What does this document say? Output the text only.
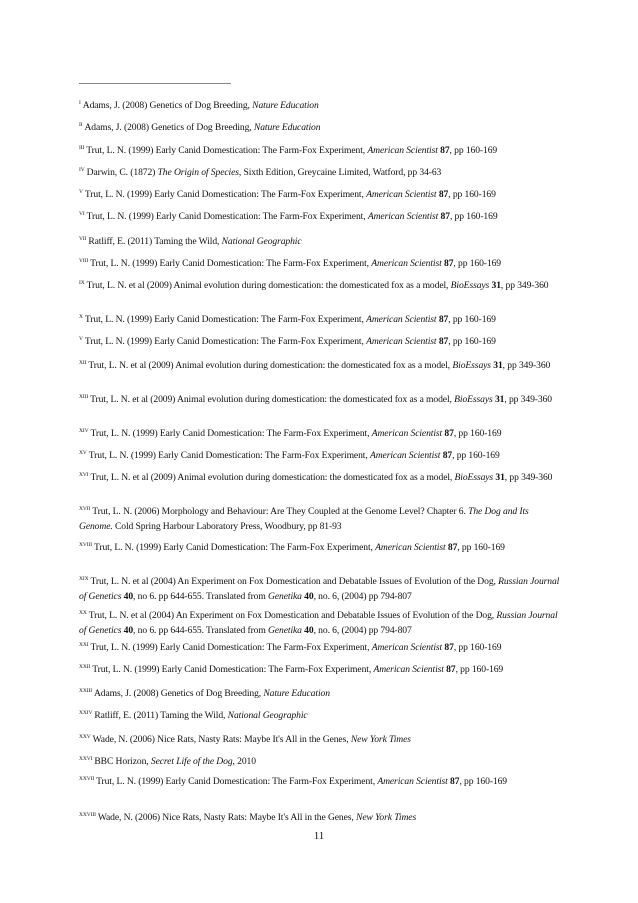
$^I$ Adams, J. (2008) Genetics of Dog Breeding, Nature Education
$^{II}$ Adams, J. (2008) Genetics of Dog Breeding, Nature Education
$^{III}$ Trut, L. N. (1999) Early Canid Domestication: The Farm-Fox Experiment, American Scientist 87, pp 160-169
$^{IV}$ Darwin, C. (1872) The Origin of Species, Sixth Edition, Greycaine Limited, Watford, pp 34-63
$^V$ Trut, L. N. (1999) Early Canid Domestication: The Farm-Fox Experiment, American Scientist 87, pp 160-169
$^{VI}$ Trut, L. N. (1999) Early Canid Domestication: The Farm-Fox Experiment, American Scientist 87, pp 160-169
$^{VII}$ Ratliff, E. (2011) Taming the Wild, National Geographic
$^{VIII}$ Trut, L. N. (1999) Early Canid Domestication: The Farm-Fox Experiment, American Scientist 87, pp 160-169
$^{IX}$ Trut, L. N. et al (2009) Animal evolution during domestication: the domesticated fox as a model, BioEssays 31, pp 349-360
$^X$ Trut, L. N. (1999) Early Canid Domestication: The Farm-Fox Experiment, American Scientist 87, pp 160-169
$^V$ Trut, L. N. (1999) Early Canid Domestication: The Farm-Fox Experiment, American Scientist 87, pp 160-169
$^{XII}$ Trut, L. N. et al (2009) Animal evolution during domestication: the domesticated fox as a model, BioEssays 31, pp 349-360
$^{XIII}$ Trut, L. N. et al (2009) Animal evolution during domestication: the domesticated fox as a model, BioEssays 31, pp 349-360
$^{XIV}$ Trut, L. N. (1999) Early Canid Domestication: The Farm-Fox Experiment, American Scientist 87, pp 160-169
$^{XV}$ Trut, L. N. (1999) Early Canid Domestication: The Farm-Fox Experiment, American Scientist 87, pp 160-169
$^{XVI}$ Trut, L. N. et al (2009) Animal evolution during domestication: the domesticated fox as a model, BioEssays 31, pp 349-360
$^{XVII}$ Trut, L. N. (2006) Morphology and Behaviour: Are They Coupled at the Genome Level? Chapter 6. The Dog and Its Genome. Cold Spring Harbour Laboratory Press, Woodbury, pp 81-93
$^{XVIII}$ Trut, L. N. (1999) Early Canid Domestication: The Farm-Fox Experiment, American Scientist 87, pp 160-169
$^{XIX}$ Trut, L. N. et al (2004) An Experiment on Fox Domestication and Debatable Issues of Evolution of the Dog, Russian Journal of Genetics 40, no 6. pp 644-655. Translated from Genetika 40, no. 6, (2004) pp 794-807
$^{XX}$ Trut, L. N. et al (2004) An Experiment on Fox Domestication and Debatable Issues of Evolution of the Dog, Russian Journal of Genetics 40, no 6. pp 644-655. Translated from Genetika 40, no. 6, (2004) pp 794-807
$^{XXI}$ Trut, L. N. (1999) Early Canid Domestication: The Farm-Fox Experiment, American Scientist 87, pp 160-169
$^{XXII}$ Trut, L. N. (1999) Early Canid Domestication: The Farm-Fox Experiment, American Scientist 87, pp 160-169
$^{XXIII}$ Adams, J. (2008) Genetics of Dog Breeding, Nature Education
$^{XXIV}$ Ratliff, E. (2011) Taming the Wild, National Geographic
$^{XXV}$ Wade, N. (2006) Nice Rats, Nasty Rats: Maybe It's All in the Genes, New York Times
$^{XXVI}$ BBC Horizon, Secret Life of the Dog, 2010
$^{XXVII}$ Trut, L. N. (1999) Early Canid Domestication: The Farm-Fox Experiment, American Scientist 87, pp 160-169
$^{XXVIII}$ Wade, N. (2006) Nice Rats, Nasty Rats: Maybe It's All in the Genes, New York Times
11
